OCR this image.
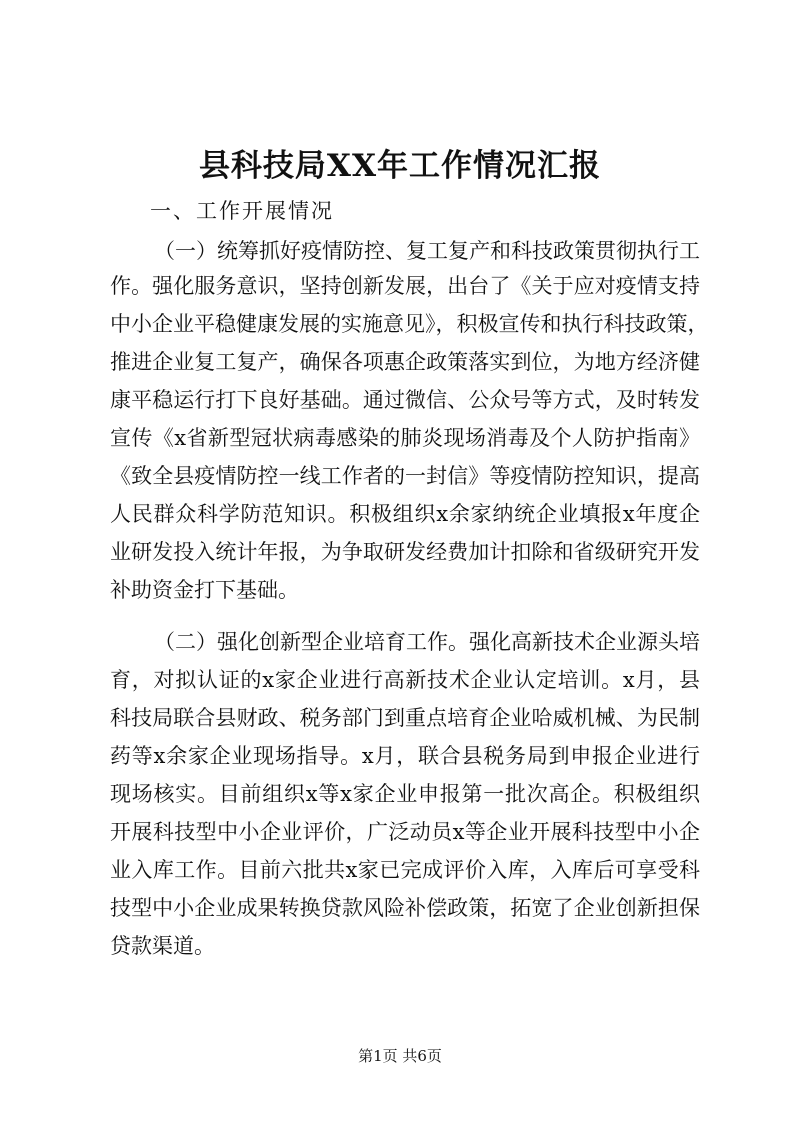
县科技局XX年工作情况汇报
一、工作开展情况
（一）统筹抓好疫情防控、复工复产和科技政策贯彻执行工
作。强化服务意识，坚持创新发展，出台了《关于应对疫情支持
中小企业平稳健康发展的实施意见》，积极宣传和执行科技政策，
推进企业复工复产，确保各项惠企政策落实到位，为地方经济健
康平稳运行打下良好基础。通过微信、公众号等方式，及时转发
宣传《x省新型冠状病毒感染的肺炎现场消毒及个人防护指南》
《致全县疫情防控一线工作者的一封信》等疫情防控知识，提高
人民群众科学防范知识。积极组织x余家纳统企业填报x年度企
业研发投入统计年报，为争取研发经费加计扣除和省级研究开发
补助资金打下基础。
（二）强化创新型企业培育工作。强化高新技术企业源头培
育，对拟认证的x家企业进行高新技术企业认定培训。x月，县
科技局联合县财政、税务部门到重点培育企业哈威机械、为民制
药等x余家企业现场指导。x月，联合县税务局到申报企业进行
现场核实。目前组织x等x家企业申报第一批次高企。积极组织
开展科技型中小企业评价，广泛动员x等企业开展科技型中小企
业入库工作。目前六批共x家已完成评价入库，入库后可享受科
技型中小企业成果转换贷款风险补偿政策，拓宽了企业创新担保
贷款渠道。
第1页 共6页
